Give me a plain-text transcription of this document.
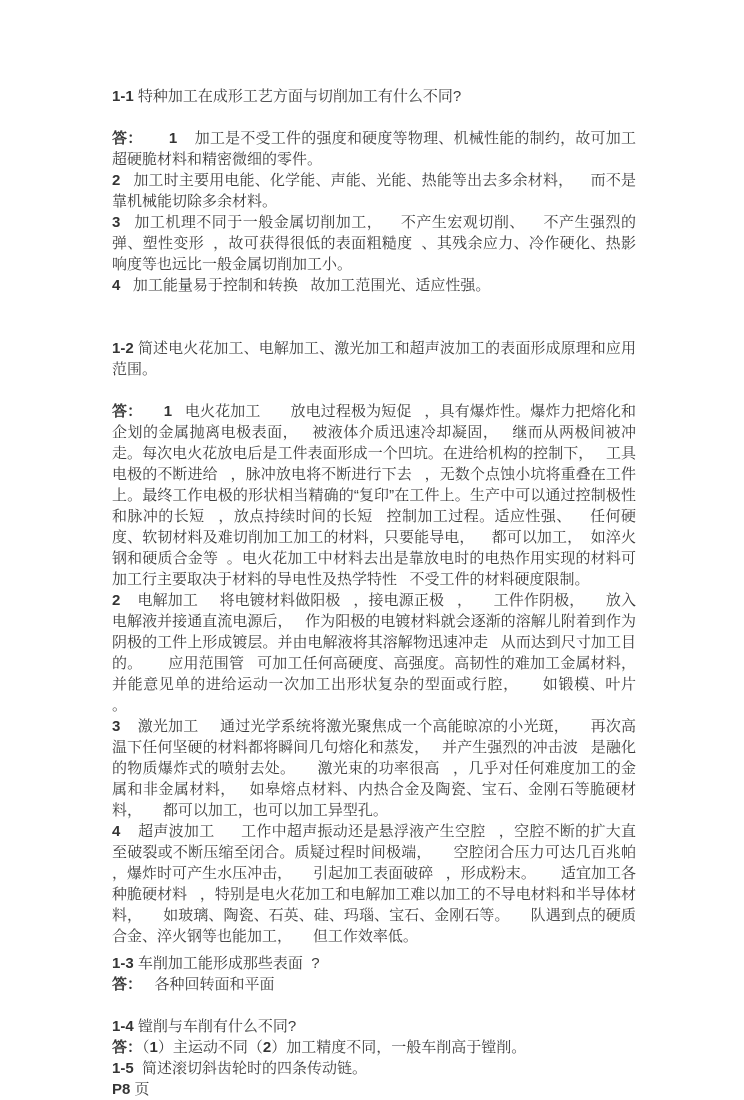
1-1 特种加工在成形工艺方面与切削加工有什么不同?

答： 1    加工是不受工件的强度和硬度等物理、机械性能的制约，故可加工超硬脆材料和精密微细的零件。

2   加工时主要用电能、化学能、声能、光能、热能等出去多余材料，    而不是靠机械能切除多余材料。

3   加工机理不同于一般金属切削加工，    不产生宏观切削、    不产生强烈的弹、塑性变形  ，故可获得很低的表面粗糙度  、其残余应力、冷作硬化、热影响度等也远比一般金属切削加工小。

4   加工能量易于控制和转换   故加工范围光、适应性强。

1-2 简述电火花加工、电解加工、激光加工和超声波加工的表面形成原理和应用范围。

答： 1   电火花加工       放电过程极为短促   ，具有爆炸性。爆炸力把熔化和企划的金属抛离电极表面，   被液体介质迅速冷却凝固，   继而从两极间被冲走。每次电火花放电后是工件表面形成一个凹坑。在进给机构的控制下，   工具电极的不断进给   ，脉冲放电将不断进行下去   ，无数个点蚀小坑将重叠在工件上。最终工作电极的形状相当精确的“复印”在工件上。生产中可以通过控制极性和脉冲的长短   ，放点持续时间的长短   控制加工过程。适应性强、    任何硬度、软韧材料及难切削加工加工的材料，只要能导电，    都可以加工，  如淬火钢和硬质合金等  。电火花加工中材料去出是靠放电时的电热作用实现的材料可加工行主要取决于材料的导电性及热学特性   不受工件的材料硬度限制。

2    电解加工     将电镀材料做阳极   ，接电源正极   ，     工件作阴极，     放入电解液并接通直流电源后，   作为阳极的电镀材料就会逐渐的溶解儿附着到作为阴极的工件上形成镀层。并由电解液将其溶解物迅速冲走   从而达到尺寸加工目的。      应用范围管   可加工任何高硬度、高强度。高韧性的难加工金属材料，     并能意见单的进给运动一次加工出形状复杂的型面或行腔，     如锻模、叶片  。

3    激光加工     通过光学系统将激光聚焦成一个高能晾凉的小光斑，     再次高温下任何坚硬的材料都将瞬间几句熔化和蒸发，   并产生强烈的冲击波   是融化的物质爆炸式的喷射去处。     激光束的功率很高   ，几乎对任何难度加工的金属和非金属材料，   如皋熔点材料、内热合金及陶瓷、宝石、金刚石等脆硬材料，     都可以加工，也可以加工异型孔。

4    超声波加工      工作中超声振动还是悬浮液产生空腔   ，空腔不断的扩大直至破裂或不断压缩至闭合。质疑过程时间极端，     空腔闭合压力可达几百兆帕   ，爆炸时可产生水压冲击，     引起加工表面破碎   ，形成粉末。      适宜加工各种脆硬材料   ，特别是电火花加工和电解加工难以加工的不导电材料和半导体材料，     如玻璃、陶瓷、石英、硅、玛瑙、宝石、金刚石等。     队遇到点的硬质合金、淬火钢等也能加工，     但工作效率低。

1-3 车削加工能形成那些表面  ?

答：   各种回转面和平面

1-4 镗削与车削有什么不同?

答：（1）主运动不同（2）加工精度不同，一般车削高于镗削。

1-5  简述滚切斜齿轮时的四条传动链。

P8 页
